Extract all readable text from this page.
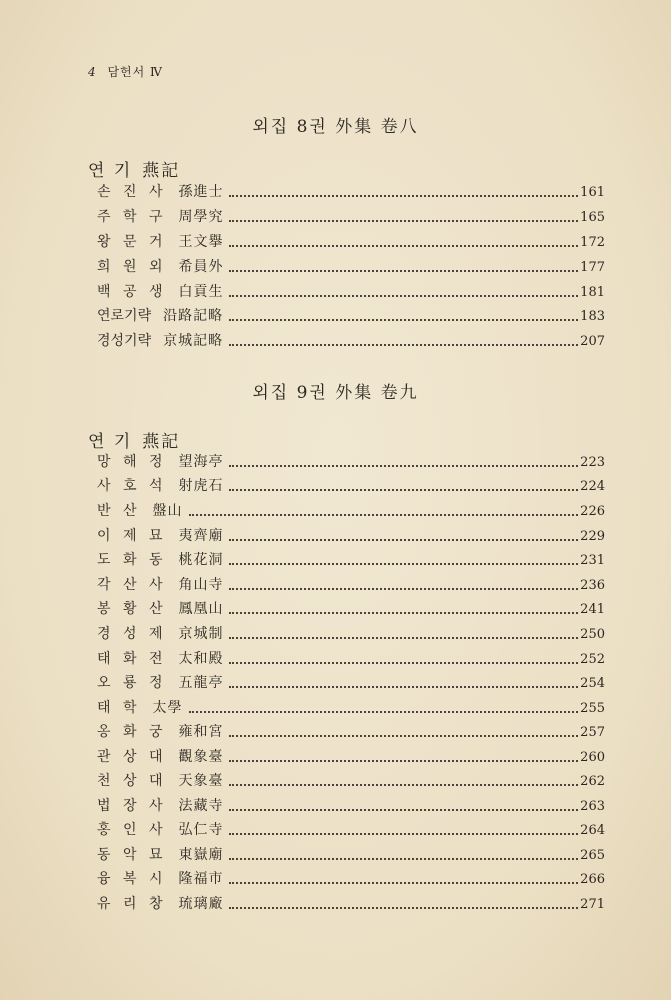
4 담헌서 Ⅳ
외집 8권 外集 卷八
연 기 燕記
손 진 사 孫進士	161
주 학 구 周學究	165
왕 문 거 王文擧	172
희 원 외 希員外	177
백 공 생 白貢生	181
연로기략 沿路記略	183
경성기략 京城記略	207
외집 9권 外集 卷九
연 기 燕記
망 해 정 望海亭	223
사 호 석 射虎石	224
반 산 盤山	226
이 제 묘 夷齊廟	229
도 화 동 桃花洞	231
각 산 사 角山寺	236
봉 황 산 鳳凰山	241
경 성 제 京城制	250
태 화 전 太和殿	252
오 룡 정 五龍亭	254
태 학 太學	255
옹 화 궁 雍和宮	257
관 상 대 觀象臺	260
천 상 대 天象臺	262
법 장 사 法藏寺	263
홍 인 사 弘仁寺	264
동 악 묘 東嶽廟	265
융 복 시 隆福市	266
유 리 창 琉璃廠	271
